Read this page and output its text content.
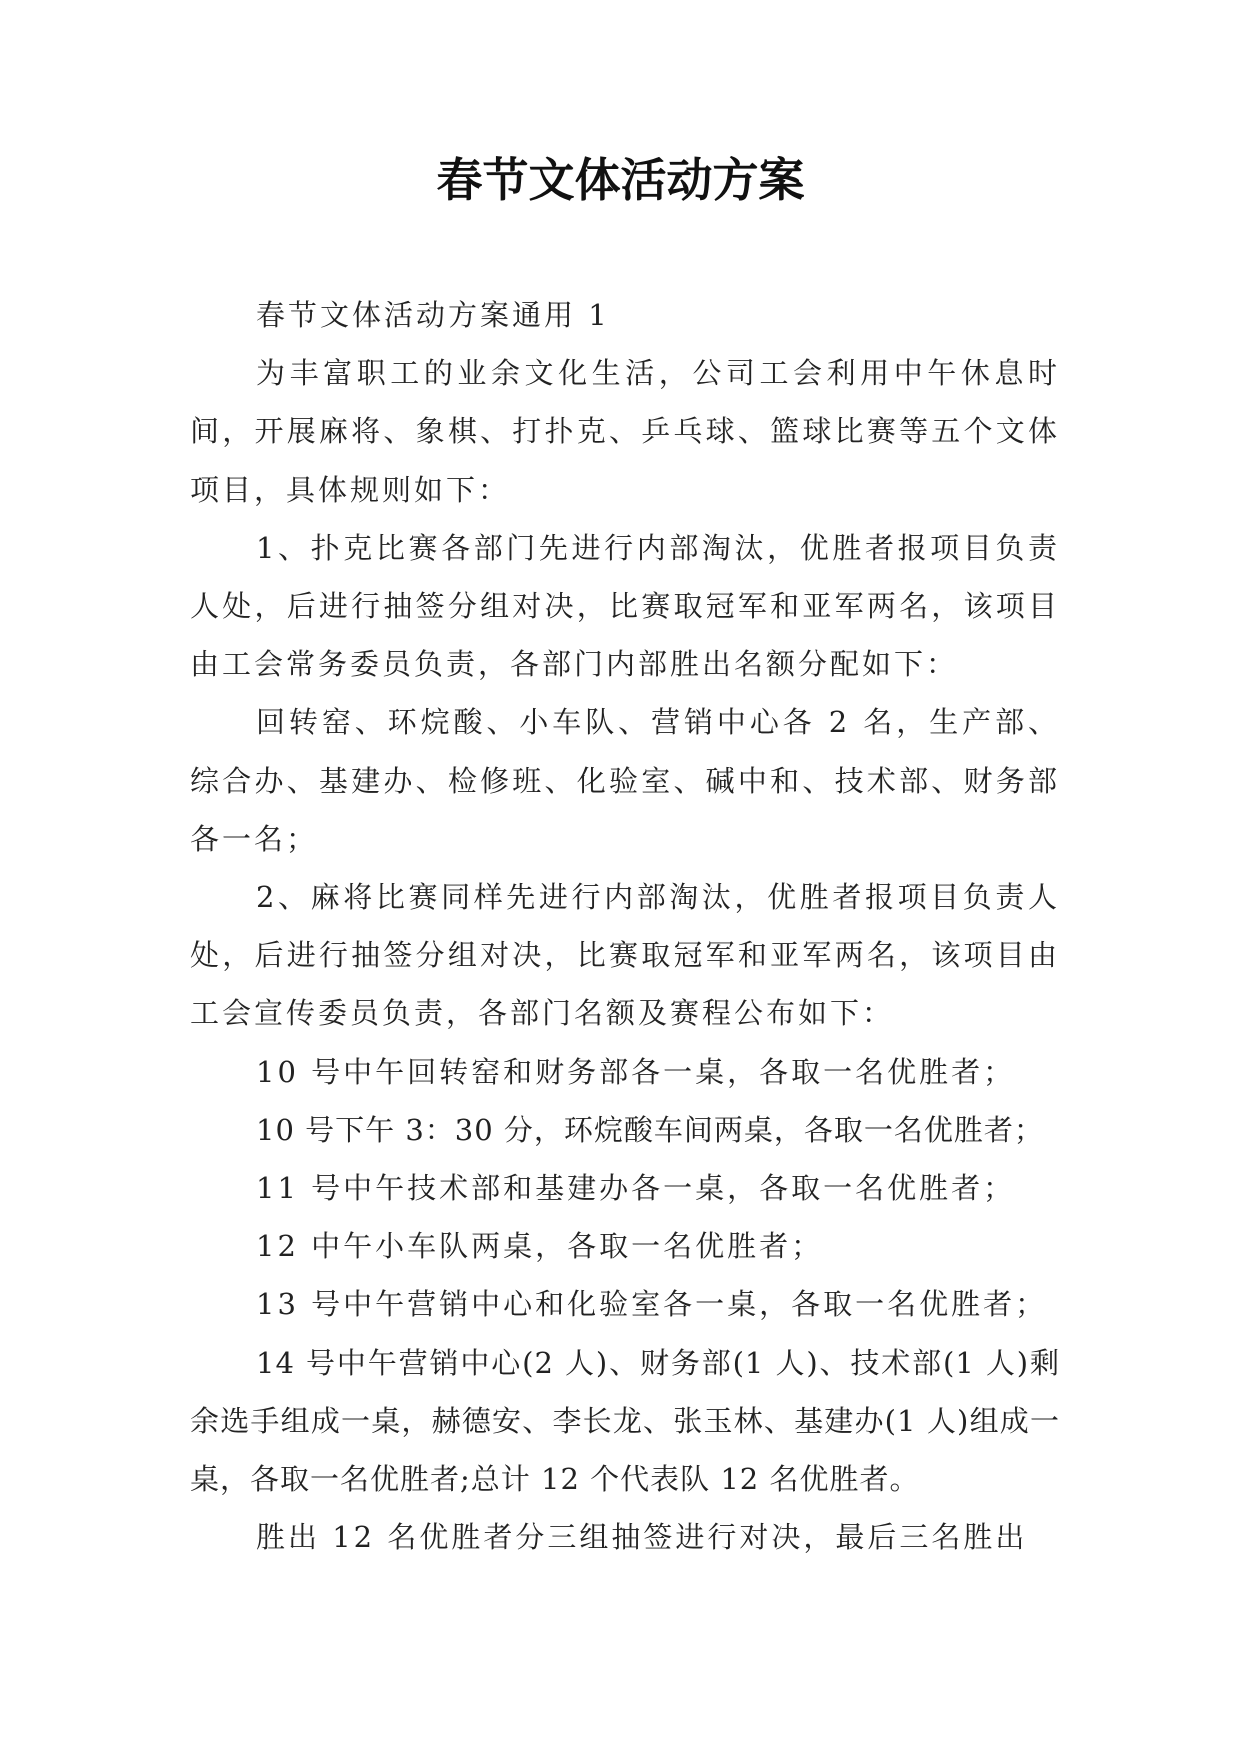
春节文体活动方案

春节文体活动方案通用 1

为丰富职工的业余文化生活，公司工会利用中午休息时间，开展麻将、象棋、打扑克、乒乓球、篮球比赛等五个文体项目，具体规则如下：

1、扑克比赛各部门先进行内部淘汰，优胜者报项目负责人处，后进行抽签分组对决，比赛取冠军和亚军两名，该项目由工会常务委员负责，各部门内部胜出名额分配如下：

回转窑、环烷酸、小车队、营销中心各 2 名，生产部、综合办、基建办、检修班、化验室、碱中和、技术部、财务部各一名；

2、麻将比赛同样先进行内部淘汰，优胜者报项目负责人处，后进行抽签分组对决，比赛取冠军和亚军两名，该项目由工会宣传委员负责，各部门名额及赛程公布如下：

10 号中午回转窑和财务部各一桌，各取一名优胜者；

10 号下午 3：30 分，环烷酸车间两桌，各取一名优胜者；

11 号中午技术部和基建办各一桌，各取一名优胜者；

12 中午小车队两桌，各取一名优胜者；

13 号中午营销中心和化验室各一桌，各取一名优胜者；

14 号中午营销中心(2 人)、财务部(1 人)、技术部(1 人)剩余选手组成一桌，赫德安、李长龙、张玉林、基建办(1 人)组成一桌，各取一名优胜者;总计 12 个代表队 12 名优胜者。

胜出 12 名优胜者分三组抽签进行对决，最后三名胜出
